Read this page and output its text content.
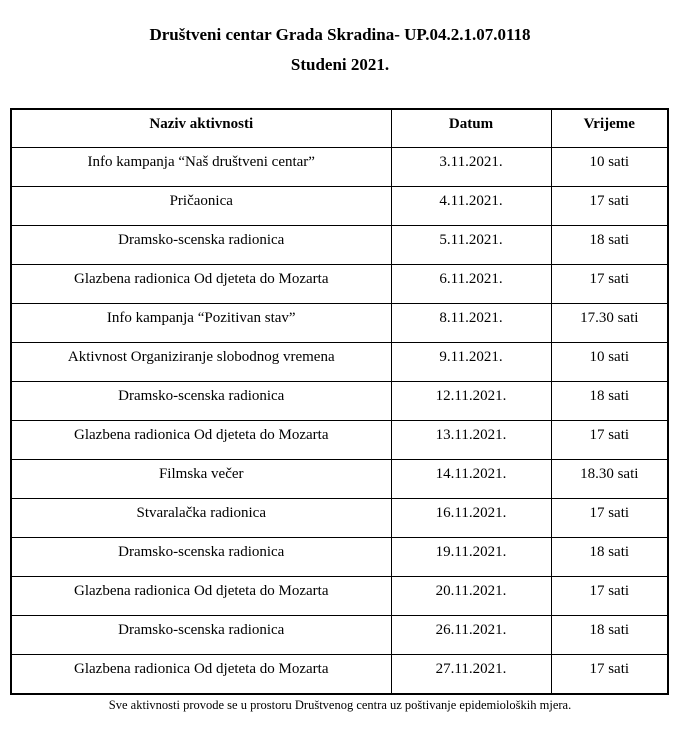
Društveni centar Grada Skradina- UP.04.2.1.07.0118
Studeni 2021.
Naziv aktivnosti	Datum	Vrijeme
Info kampanja “Naš društveni centar”	3.11.2021.	10 sati
Pričaonica	4.11.2021.	17 sati
Dramsko-scenska radionica	5.11.2021.	18 sati
Glazbena radionica Od djeteta do Mozarta	6.11.2021.	17 sati
Info kampanja “Pozitivan stav”	8.11.2021.	17.30 sati
Aktivnost Organiziranje slobodnog vremena	9.11.2021.	10 sati
Dramsko-scenska radionica	12.11.2021.	18 sati
Glazbena radionica Od djeteta do Mozarta	13.11.2021.	17 sati
Filmska večer	14.11.2021.	18.30 sati
Stvaralačka radionica	16.11.2021.	17 sati
Dramsko-scenska radionica	19.11.2021.	18 sati
Glazbena radionica Od djeteta do Mozarta	20.11.2021.	17 sati
Dramsko-scenska radionica	26.11.2021.	18 sati
Glazbena radionica Od djeteta do Mozarta	27.11.2021.	17 sati
Sve aktivnosti provode se u prostoru Društvenog centra uz poštivanje epidemioloških mjera.
